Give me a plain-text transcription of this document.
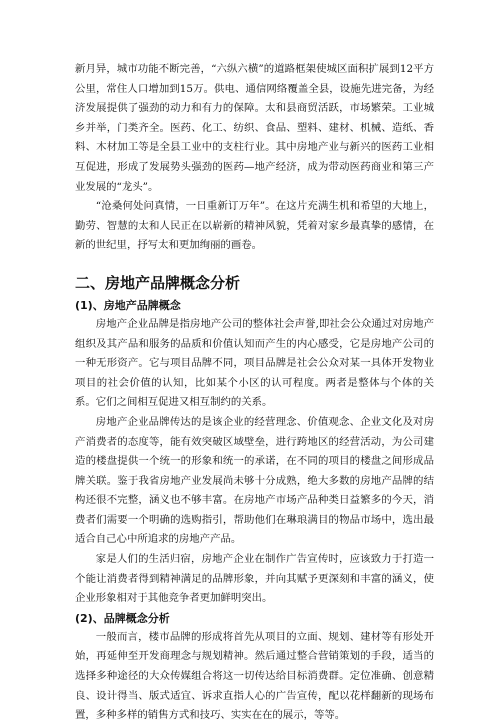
新月异，城市功能不断完善，“六纵六横”的道路框架使城区面积扩展到12平方公里，常住人口增加到15万。供电、通信网络覆盖全县，设施先进完备，为经济发展提供了强劲的动力和有力的保障。太和县商贸活跃，市场繁荣。工业城乡并举，门类齐全。医药、化工、纺织、食品、塑料、建材、机械、造纸、香料、木材加工等是全县工业中的支柱行业。其中房地产业与新兴的医药工业相互促进，形成了发展势头强劲的医药—地产经济，成为带动医药商业和第三产业发展的“龙头”。

“沧桑何处问真情，一日重新订万年”。在这片充满生机和希望的大地上，勤劳、智慧的太和人民正在以崭新的精神风貌，凭着对家乡最真挚的感情，在新的世纪里，抒写太和更加绚丽的画卷。

二、房地产品牌概念分析
(1)、房地产品牌概念

房地产企业品牌是指房地产公司的整体社会声誉,即社会公众通过对房地产组织及其产品和服务的品质和价值认知而产生的内心感受，它是房地产公司的一种无形资产。它与项目品牌不同，项目品牌是社会公众对某一具体开发物业项目的社会价值的认知，比如某个小区的认可程度。两者是整体与个体的关系。它们之间相互促进又相互制约的关系。

房地产企业品牌传达的是该企业的经营理念、价值观念、企业文化及对房产消费者的态度等，能有效突破区域壁垒，进行跨地区的经营活动，为公司建造的楼盘提供一个统一的形象和统一的承诺，在不同的项目的楼盘之间形成品牌关联。鉴于我省房地产业发展尚未够十分成熟，绝大多数的房地产品牌的结构还很不完整，涵义也不够丰富。在房地产市场产品种类日益繁多的今天，消费者们需要一个明确的选购指引，帮助他们在琳琅满目的物品市场中，选出最适合自己心中所追求的房地产产品。

家是人们的生活归宿，房地产企业在制作广告宣传时，应该致力于打造一个能让消费者得到精神满足的品牌形象，并向其赋予更深刻和丰富的涵义，使企业形象相对于其他竞争者更加鲜明突出。

(2)、品牌概念分析

一般而言，楼市品牌的形成将首先从项目的立面、规划、建材等有形处开始，再延伸至开发商理念与规划精神。然后通过整合营销策划的手段，适当的选择多种途径的大众传媒组合将这一切传达给目标消费群。定位准确、创意精良、设计得当、版式适宜、诉求直指人心的广告宣传，配以花样翻新的现场布置，多种多样的销售方式和技巧、实实在在的展示，等等。
